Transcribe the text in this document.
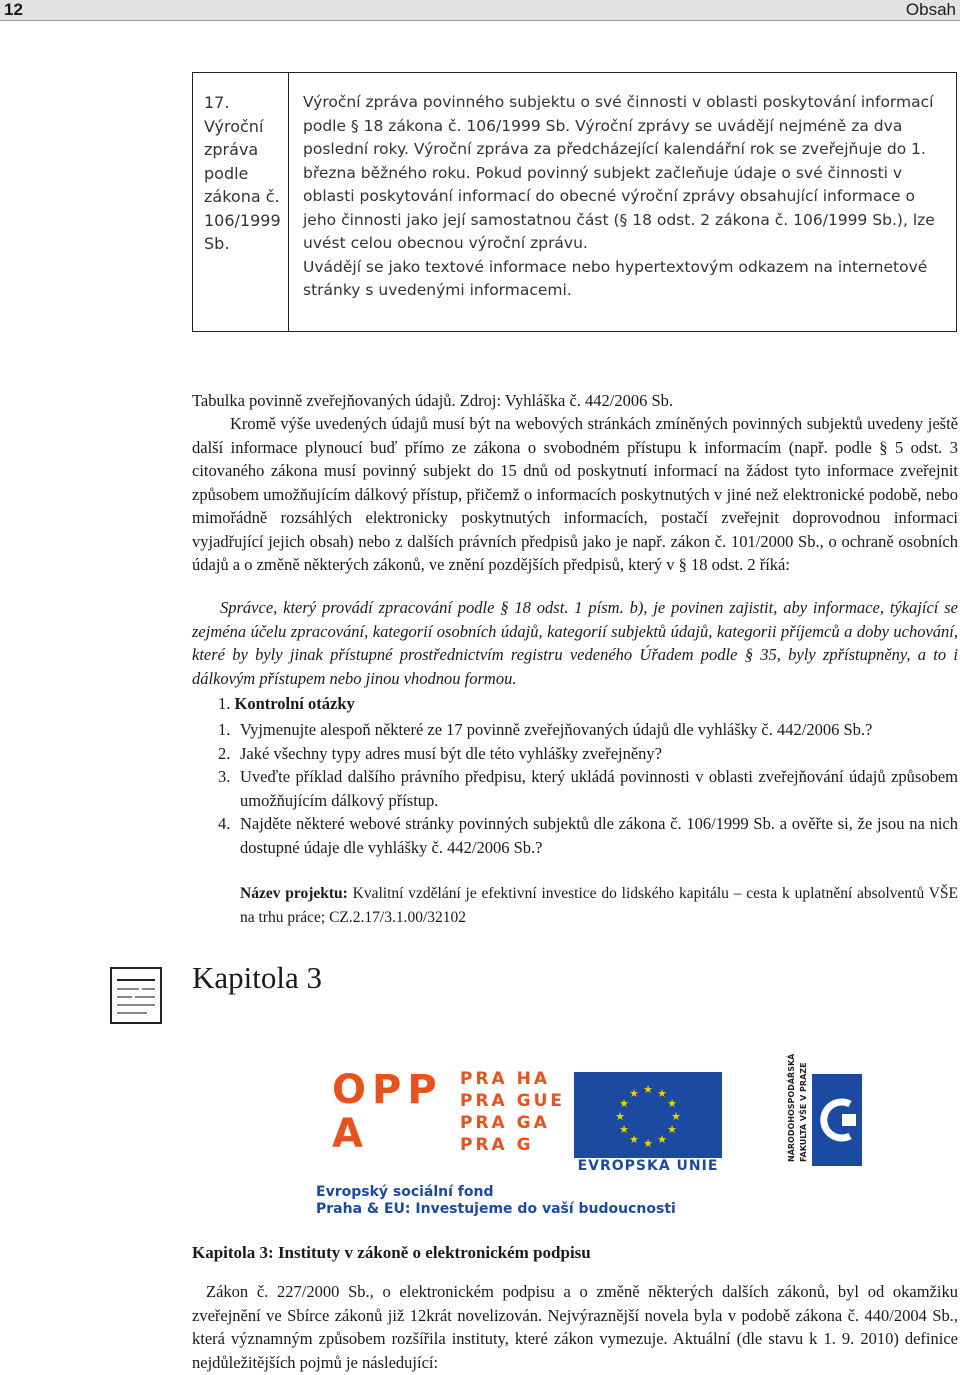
12	Obsah
17. Výroční zpráva podle zákona č. 106/1999 Sb.

Výroční zpráva povinného subjektu o své činnosti v oblasti poskytování informací podle § 18 zákona č. 106/1999 Sb. Výroční zprávy se uvádějí nejméně za dva poslední roky. Výroční zpráva za předcházející kalendářní rok se zveřejňuje do 1. března běžného roku. Pokud povinný subjekt začleňuje údaje o své činnosti v oblasti poskytování informací do obecné výroční zprávy obsahující informace o jeho činnosti jako její samostatnou část (§ 18 odst. 2 zákona č. 106/1999 Sb.), lze uvést celou obecnou výroční zprávu.

Uvádějí se jako textové informace nebo hypertextovým odkazem na internetové stránky s uvedenými informacemi.

Tabulka povinně zveřejňovaných údajů. Zdroj: Vyhláška č. 442/2006 Sb.
Kromě výše uvedených údajů musí být na webových stránkách zmíněných povinných subjektů uvedeny ještě další informace plynoucí buď přímo ze zákona o svobodném přístupu k informacím (např. podle § 5 odst. 3 citovaného zákona musí povinný subjekt do 15 dnů od poskytnutí informací na žádost tyto informace zveřejnit způsobem umožňujícím dálkový přístup, přičemž o informacích poskytnutých v jiné než elektronické podobě, nebo mimořádně rozsáhlých elektronicky poskytnutých informacích, postačí zveřejnit doprovodnou informaci vyjadřující jejich obsah) nebo z dalších právních předpisů jako je např. zákon č. 101/2000 Sb., o ochraně osobních údajů a o změně některých zákonů, ve znění pozdějších předpisů, který v § 18 odst. 2 říká:
Správce, který provádí zpracování podle § 18 odst. 1 písm. b), je povinen zajistit, aby informace, týkající se zejména účelu zpracování, kategorií osobních údajů, kategorií subjektů údajů, kategorii příjemců a doby uchování, které by byly jinak přístupné prostřednictvím registru vedeného Úřadem podle § 35, byly zpřístupněny, a to i dálkovým přístupem nebo jinou vhodnou formou.
1. Kontrolní otázky
1. Vyjmenujte alespoň některé ze 17 povinně zveřejňovaných údajů dle vyhlášky č. 442/2006 Sb.?
2. Jaké všechny typy adres musí být dle této vyhlášky zveřejněny?
3. Uveďte příklad dalšího právního předpisu, který ukládá povinnosti v oblasti zveřejňování údajů způsobem umožňujícím dálkový přístup.
4. Najděte některé webové stránky povinných subjektů dle zákona č. 106/1999 Sb. a ověřte si, že jsou na nich dostupné údaje dle vyhlášky č. 442/2006 Sb.?
Název projektu: Kvalitní vzdělání je efektivní investice do lidského kapitálu – cesta k uplatnění absolventů VŠE na trhu práce; CZ.2.17/3.1.00/32102
Kapitola 3
OPP
A
PRA HA
PRA GUE
PRA GA
PRA G
★ ★
★
★
★
★
★
★
★
★
★
★
EVROPSKÁ UNIE
NÁRODOHOSPODÁŘSKÁ FAKULTA VŠE V PRAZE
Evropský sociální fond
Praha & EU: Investujeme do vaší budoucnosti
Kapitola 3: Instituty v zákoně o elektronickém podpisu
Zákon č. 227/2000 Sb., o elektronickém podpisu a o změně některých dalších zákonů, byl od okamžiku zveřejnění ve Sbírce zákonů již 12krát novelizován. Nejvýraznější novela byla v podobě zákona č. 440/2004 Sb., která významným způsobem rozšířila instituty, které zákon vymezuje. Aktuální (dle stavu k 1. 9. 2010) definice nejdůležitějších pojmů je následující:
